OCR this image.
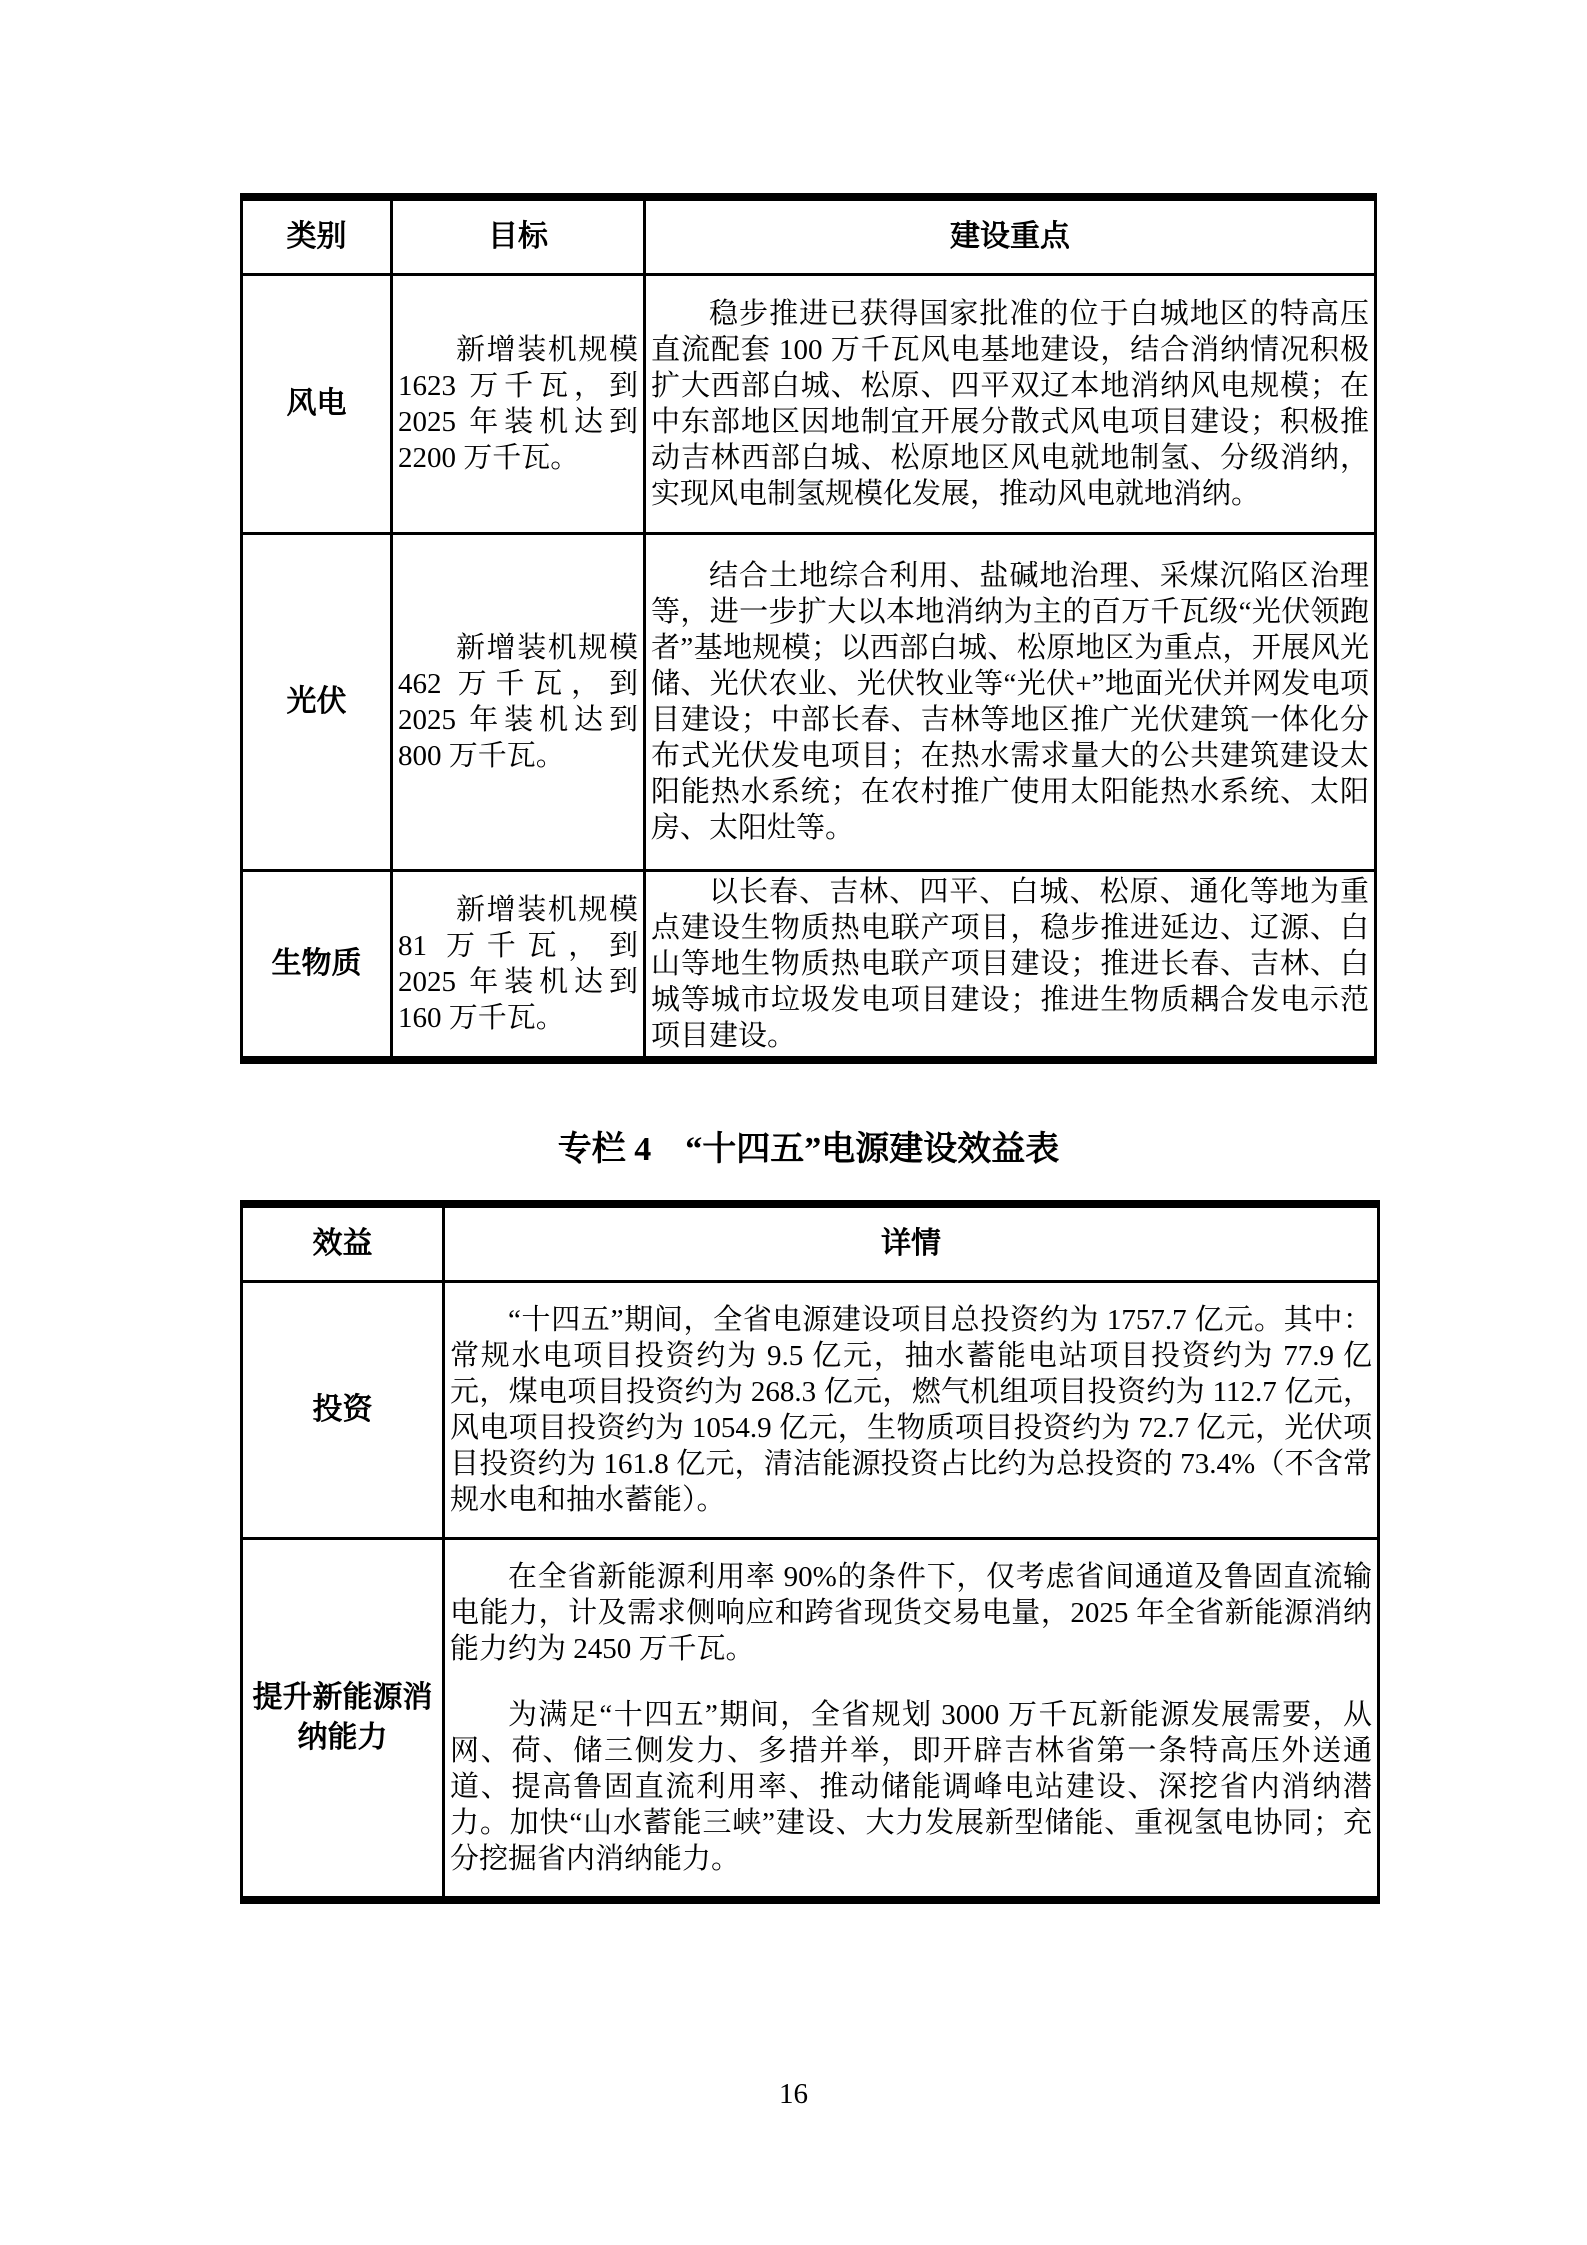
类别	目标	建设重点
风电	新增装机规模 1623 万千瓦，到 2025 年装机达到 2200 万千瓦。	稳步推进已获得国家批准的位于白城地区的特高压直流配套 100 万千瓦风电基地建设，结合消纳情况积极扩大西部白城、松原、四平双辽本地消纳风电规模；在中东部地区因地制宜开展分散式风电项目建设；积极推动吉林西部白城、松原地区风电就地制氢、分级消纳，实现风电制氢规模化发展，推动风电就地消纳。

光伏	新增装机规模 462 万千瓦，到 2025 年装机达到 800 万千瓦。	结合土地综合利用、盐碱地治理、采煤沉陷区治理等，进一步扩大以本地消纳为主的百万千瓦级“光伏领跑者”基地规模；以西部白城、松原地区为重点，开展风光储、光伏农业、光伏牧业等“光伏+”地面光伏并网发电项目建设；中部长春、吉林等地区推广光伏建筑一体化分布式光伏发电项目；在热水需求量大的公共建筑建设太阳能热水系统；在农村推广使用太阳能热水系统、太阳房、太阳灶等。

生物质	新增装机规模 81 万千瓦，到 2025 年装机达到 160 万千瓦。	以长春、吉林、四平、白城、松原、通化等地为重点建设生物质热电联产项目，稳步推进延边、辽源、白山等地生物质热电联产项目建设；推进长春、吉林、白城等城市垃圾发电项目建设；推进生物质耦合发电示范项目建设。

专栏 4　“十四五”电源建设效益表
效益	详情
投资	“十四五”期间，全省电源建设项目总投资约为 1757.7 亿元。其中：常规水电项目投资约为 9.5 亿元，抽水蓄能电站项目投资约为 77.9 亿元，煤电项目投资约为 268.3 亿元，燃气机组项目投资约为 112.7 亿元，风电项目投资约为 1054.9 亿元，生物质项目投资约为 72.7 亿元，光伏项目投资约为 161.8 亿元，清洁能源投资占比约为总投资的 73.4%（不含常规水电和抽水蓄能）。

提升新能源消纳能力	在全省新能源利用率 90%的条件下，仅考虑省间通道及鲁固直流输电能力，计及需求侧响应和跨省现货交易电量，2025 年全省新能源消纳能力约为 2450 万千瓦。

为满足“十四五”期间，全省规划 3000 万千瓦新能源发展需要，从网、荷、储三侧发力、多措并举，即开辟吉林省第一条特高压外送通道、提高鲁固直流利用率、推动储能调峰电站建设、深挖省内消纳潜力。加快“山水蓄能三峡”建设、大力发展新型储能、重视氢电协同；充分挖掘省内消纳能力。

16
